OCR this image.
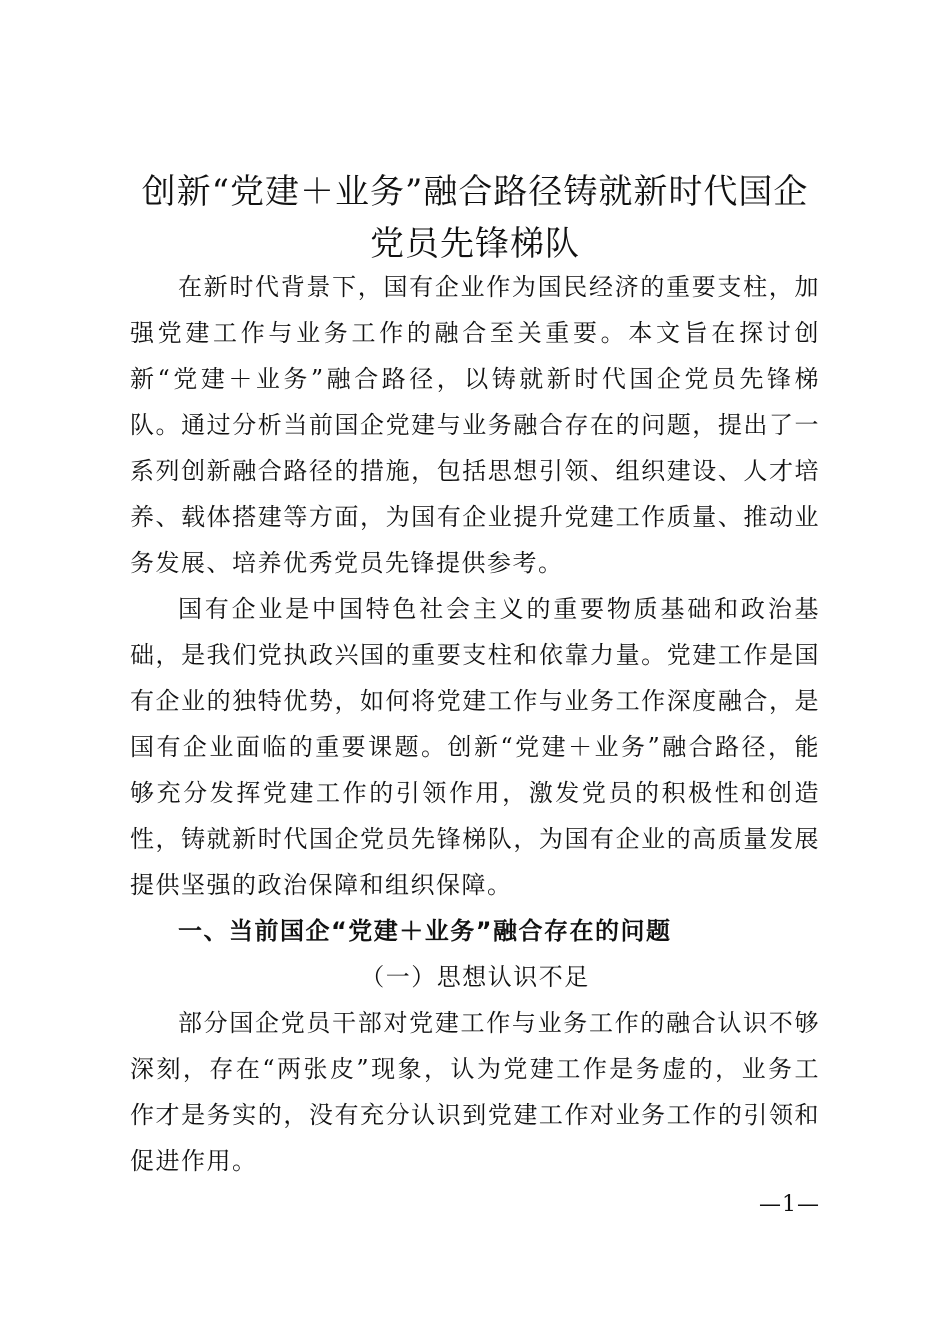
创新“党建＋业务”融合路径铸就新时代国企
党员先锋梯队

在新时代背景下，国有企业作为国民经济的重要支柱，加强党建工作与业务工作的融合至关重要。本文旨在探讨创新“党建＋业务”融合路径，以铸就新时代国企党员先锋梯队。通过分析当前国企党建与业务融合存在的问题，提出了一系列创新融合路径的措施，包括思想引领、组织建设、人才培养、载体搭建等方面，为国有企业提升党建工作质量、推动业务发展、培养优秀党员先锋提供参考。

国有企业是中国特色社会主义的重要物质基础和政治基础，是我们党执政兴国的重要支柱和依靠力量。党建工作是国有企业的独特优势，如何将党建工作与业务工作深度融合，是国有企业面临的重要课题。创新“党建＋业务”融合路径，能够充分发挥党建工作的引领作用，激发党员的积极性和创造性，铸就新时代国企党员先锋梯队，为国有企业的高质量发展提供坚强的政治保障和组织保障。

一、当前国企“党建＋业务”融合存在的问题

（一）思想认识不足

部分国企党员干部对党建工作与业务工作的融合认识不够深刻，存在“两张皮”现象，认为党建工作是务虚的，业务工作才是务实的，没有充分认识到党建工作对业务工作的引领和促进作用。

—1—
